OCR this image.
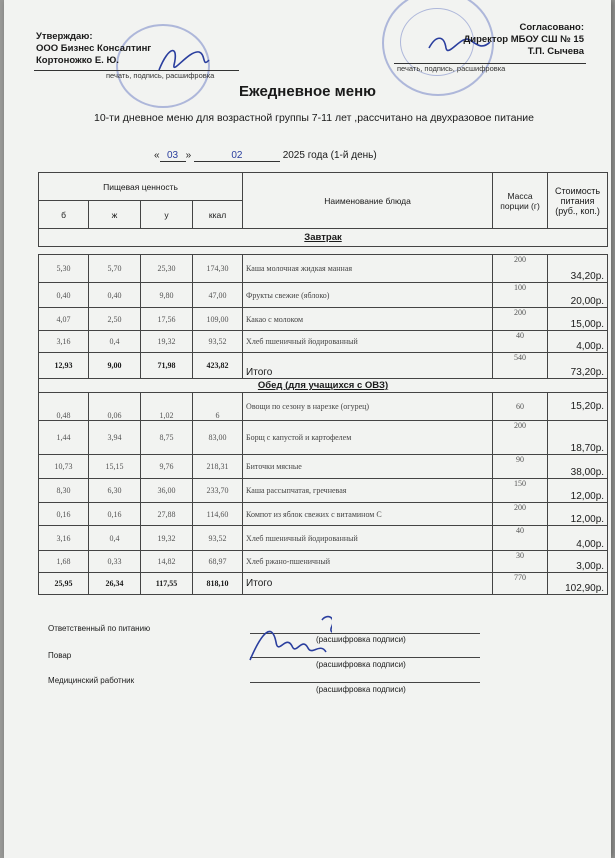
Утверждаю:
ООО Бизнес Консалтинг
Кортоножко Е. Ю.
печать, подпись, расшифровка
Согласовано:
Директор МБОУ СШ № 15
Т.П. Сычева
печать, подпись, расшифровка
Ежедневное меню
10-ти дневное меню для возрастной группы 7-11 лет ,рассчитано на двухразовое питание
« 03 »	02	2025 года (1-й день)
Пищевая ценность				Наименование блюда	Масса порции (г)	Стоимость питания (руб., коп.)
б	ж	у	ккал			
Завтрак						

5,30	5,70	25,30	174,30	Каша молочная жидкая манная	200	34,20р.
0,40	0,40	9,80	47,00	Фрукты свежие (яблоко)	100	20,00р.
4,07	2,50	17,56	109,00	Какао с молоком	200	15,00р.
3,16	0,4	19,32	93,52	Хлеб пшеничный йодированный	40	4,00р.
12,93	9,00	71,98	423,82	Итого	540	73,20р.
Обед (для учащихся с ОВЗ)						
0,48	0,06	1,02	6	Овощи по сезону в нарезке (огурец)	60	15,20р.
1,44	3,94	8,75	83,00	Борщ с капустой и картофелем	200	18,70р.
10,73	15,15	9,76	218,31	Биточки мясные	90	38,00р.
8,30	6,30	36,00	233,70	Каша рассыпчатая, гречневая	150	12,00р.
0,16	0,16	27,88	114,60	Компот из яблок свежих с витамином С	200	12,00р.
3,16	0,4	19,32	93,52	Хлеб пшеничный йодированный	40	4,00р.
1,68	0,33	14,82	68,97	Хлеб ржано-пшеничный	30	3,00р.
25,95	26,34	117,55	818,10	Итого	770	102,90р.
Ответственный по питанию
(расшифровка подписи)
Повар
(расшифровка подписи)
Медицинский работник
(расшифровка подписи)
